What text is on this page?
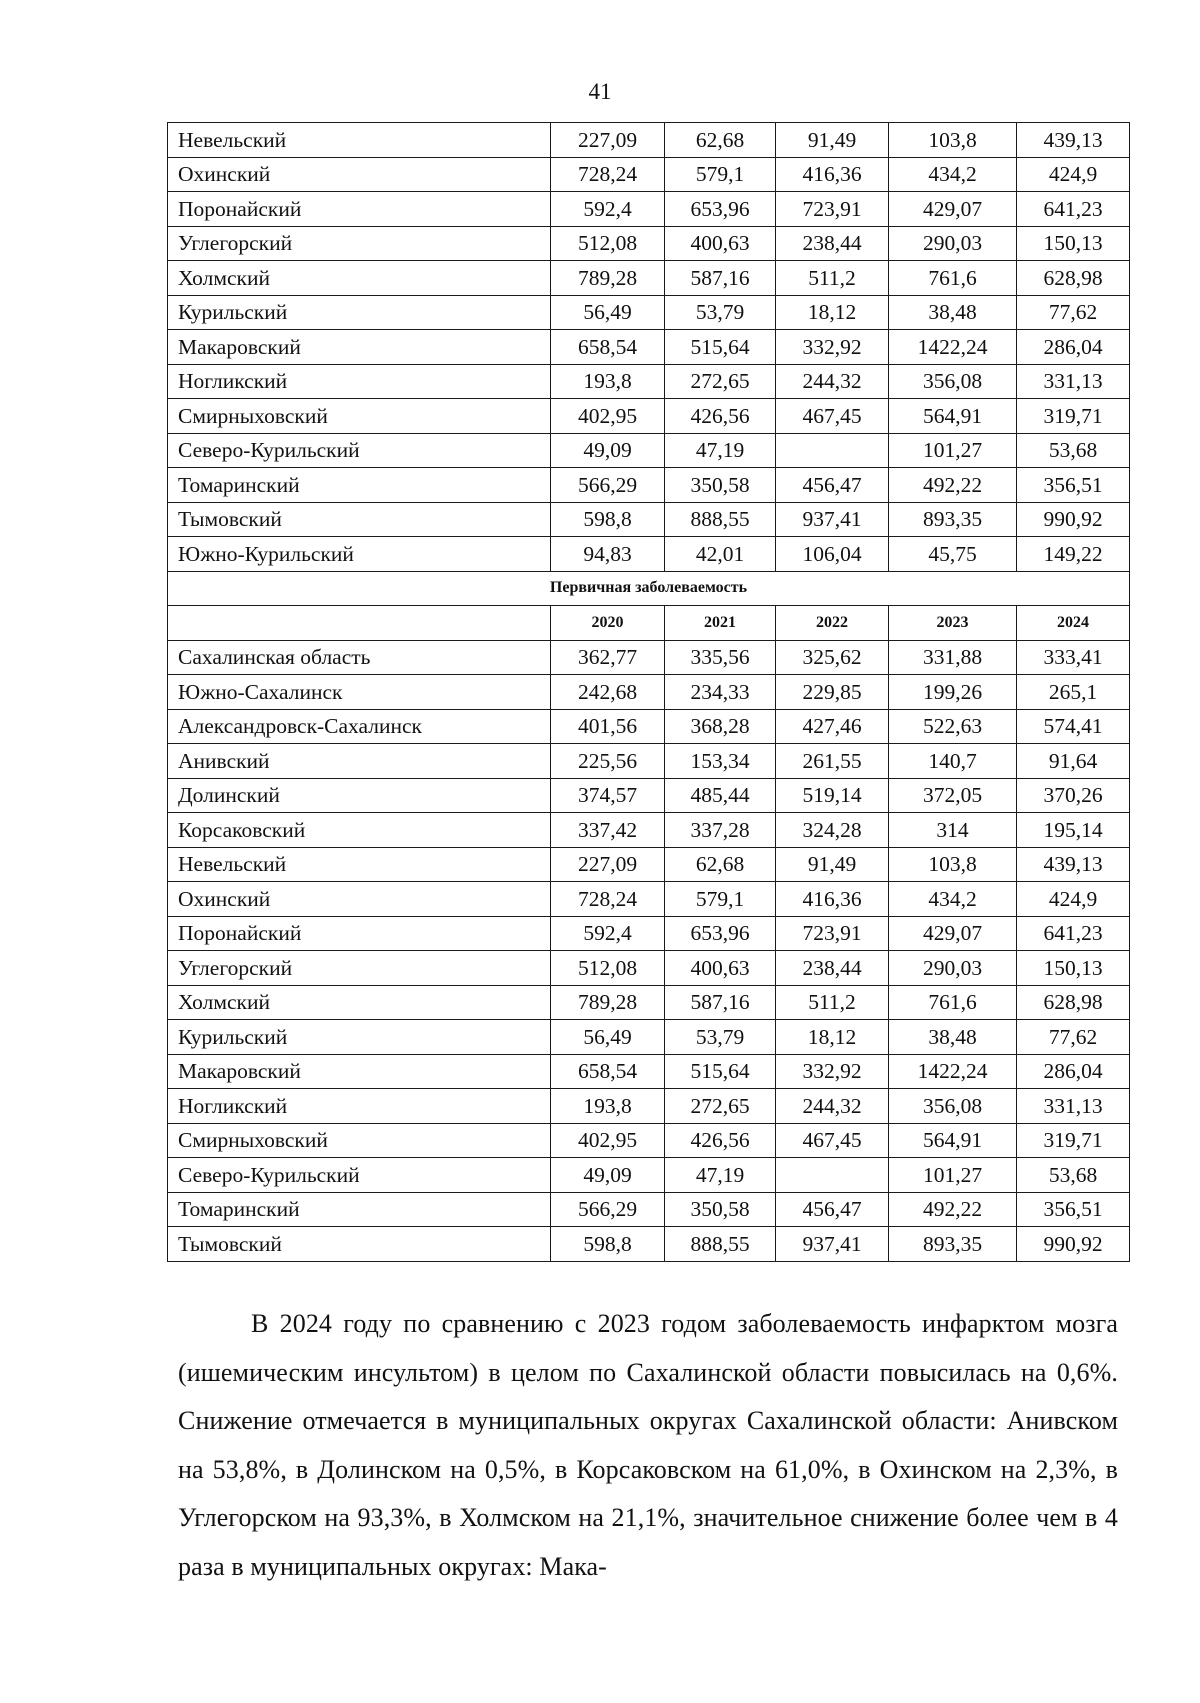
41
Невельский	227,09	62,68	91,49	103,8	439,13
Охинский	728,24	579,1	416,36	434,2	424,9
Поронайский	592,4	653,96	723,91	429,07	641,23
Углегорский	512,08	400,63	238,44	290,03	150,13
Холмский	789,28	587,16	511,2	761,6	628,98
Курильский	56,49	53,79	18,12	38,48	77,62
Макаровский	658,54	515,64	332,92	1422,24	286,04
Ногликский	193,8	272,65	244,32	356,08	331,13
Смирныховский	402,95	426,56	467,45	564,91	319,71
Северо-Курильский	49,09	47,19		101,27	53,68
Томаринский	566,29	350,58	456,47	492,22	356,51
Тымовский	598,8	888,55	937,41	893,35	990,92
Южно-Курильский	94,83	42,01	106,04	45,75	149,22
Первичная заболеваемость					
	2020	2021	2022	2023	2024
Сахалинская область	362,77	335,56	325,62	331,88	333,41
Южно-Сахалинск	242,68	234,33	229,85	199,26	265,1
Александровск-Сахалинск	401,56	368,28	427,46	522,63	574,41
Анивский	225,56	153,34	261,55	140,7	91,64
Долинский	374,57	485,44	519,14	372,05	370,26
Корсаковский	337,42	337,28	324,28	314	195,14
Невельский	227,09	62,68	91,49	103,8	439,13
Охинский	728,24	579,1	416,36	434,2	424,9
Поронайский	592,4	653,96	723,91	429,07	641,23
Углегорский	512,08	400,63	238,44	290,03	150,13
Холмский	789,28	587,16	511,2	761,6	628,98
Курильский	56,49	53,79	18,12	38,48	77,62
Макаровский	658,54	515,64	332,92	1422,24	286,04
Ногликский	193,8	272,65	244,32	356,08	331,13
Смирныховский	402,95	426,56	467,45	564,91	319,71
Северо-Курильский	49,09	47,19		101,27	53,68
Томаринский	566,29	350,58	456,47	492,22	356,51
Тымовский	598,8	888,55	937,41	893,35	990,92

В 2024 году по сравнению с 2023 годом заболеваемость инфарктом мозга (ишемическим инсультом) в целом по Сахалинской области повысилась на 0,6%. Снижение отмечается в муниципальных округах Сахалинской области: Анивском на 53,8%, в Долинском на 0,5%, в Корсаковском на 61,0%, в Охинском на 2,3%, в Углегорском на 93,3%, в Холмском на 21,1%, значительное снижение более чем в 4 раза в муниципальных округах: Мака-
